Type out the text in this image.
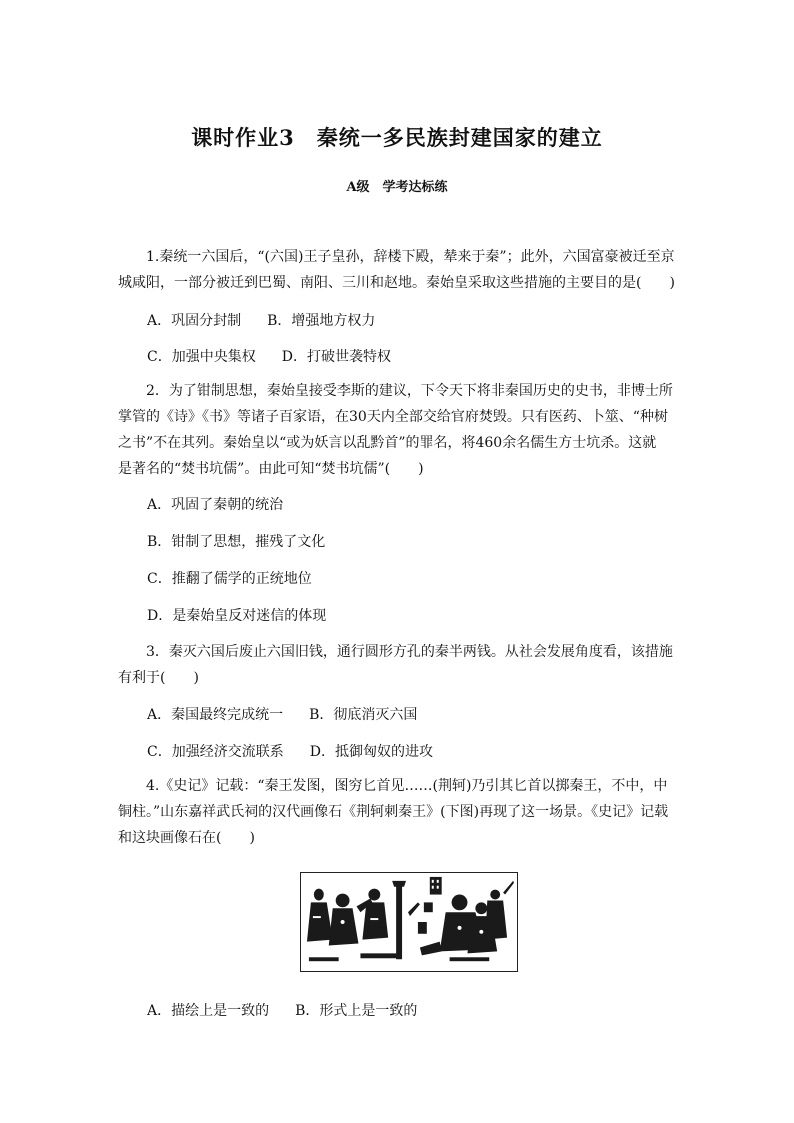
课时作业3　秦统一多民族封建国家的建立
A级　学考达标练
1.秦统一六国后，“(六国)王子皇孙，辞楼下殿，辇来于秦”；此外，六国富豪被迁至京
城咸阳，一部分被迁到巴蜀、南阳、三川和赵地。秦始皇采取这些措施的主要目的是(　　)
A．巩固分封制 B．增强地方权力
C．加强中央集权 D．打破世袭特权
2．为了钳制思想，秦始皇接受李斯的建议，下令天下将非秦国历史的史书，非博士所
掌管的《诗》《书》等诸子百家语，在30天内全部交给官府焚毁。只有医药、卜筮、“种树
之书”不在其列。秦始皇以“或为妖言以乱黔首”的罪名，将460余名儒生方士坑杀。这就
是著名的“焚书坑儒”。由此可知“焚书坑儒”(　　)
A．巩固了秦朝的统治
B．钳制了思想，摧残了文化
C．推翻了儒学的正统地位
D．是秦始皇反对迷信的体现
3．秦灭六国后废止六国旧钱，通行圆形方孔的秦半两钱。从社会发展角度看，该措施
有利于(　　)
A．秦国最终完成统一 B．彻底消灭六国
C．加强经济交流联系 D．抵御匈奴的进攻
4.《史记》记载：“秦王发图，图穷匕首见……(荆轲)乃引其匕首以掷秦王，不中，中
铜柱。”山东嘉祥武氏祠的汉代画像石《荆轲刺秦王》(下图)再现了这一场景。《史记》记载
和这块画像石在(　　)
A．描绘上是一致的 B．形式上是一致的
